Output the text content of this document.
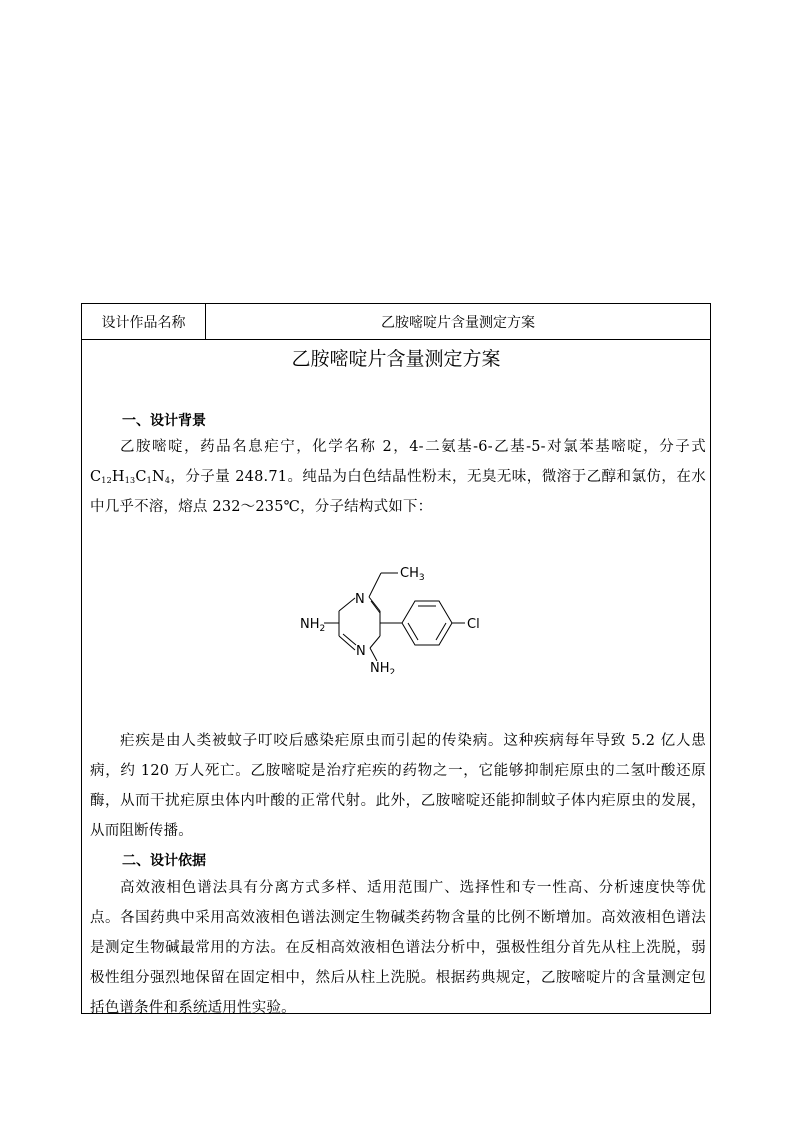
设计作品名称	乙胺嘧啶片含量测定方案
乙胺嘧啶片含量测定方案
一、设计背景

乙胺嘧啶，药品名息疟宁，化学名称 2，4-二氨基-6-乙基-5-对氯苯基嘧啶，分子式 $C_{12}H_{13}C_1N_4$，分子量 248.71。纯品为白色结晶性粉末，无臭无味，微溶于乙醇和氯仿，在水中几乎不溶，熔点 232～235℃，分子结构式如下：

N
N
$CH_3$
$NH_2$
$NH_2$
Cl

疟疾是由人类被蚊子叮咬后感染疟原虫而引起的传染病。这种疾病每年导致 5.2 亿人患病，约 120 万人死亡。乙胺嘧啶是治疗疟疾的药物之一，它能够抑制疟原虫的二氢叶酸还原酶，从而干扰疟原虫体内叶酸的正常代射。此外，乙胺嘧啶还能抑制蚊子体内疟原虫的发展，从而阻断传播。

二、设计依据

高效液相色谱法具有分离方式多样、适用范围广、选择性和专一性高、分析速度快等优点。各国药典中采用高效液相色谱法测定生物碱类药物含量的比例不断增加。高效液相色谱法是测定生物碱最常用的方法。在反相高效液相色谱法分析中，强极性组分首先从柱上洗脱，弱极性组分强烈地保留在固定相中，然后从柱上洗脱。根据药典规定，乙胺嘧啶片的含量测定包括色谱条件和系统适用性实验。
